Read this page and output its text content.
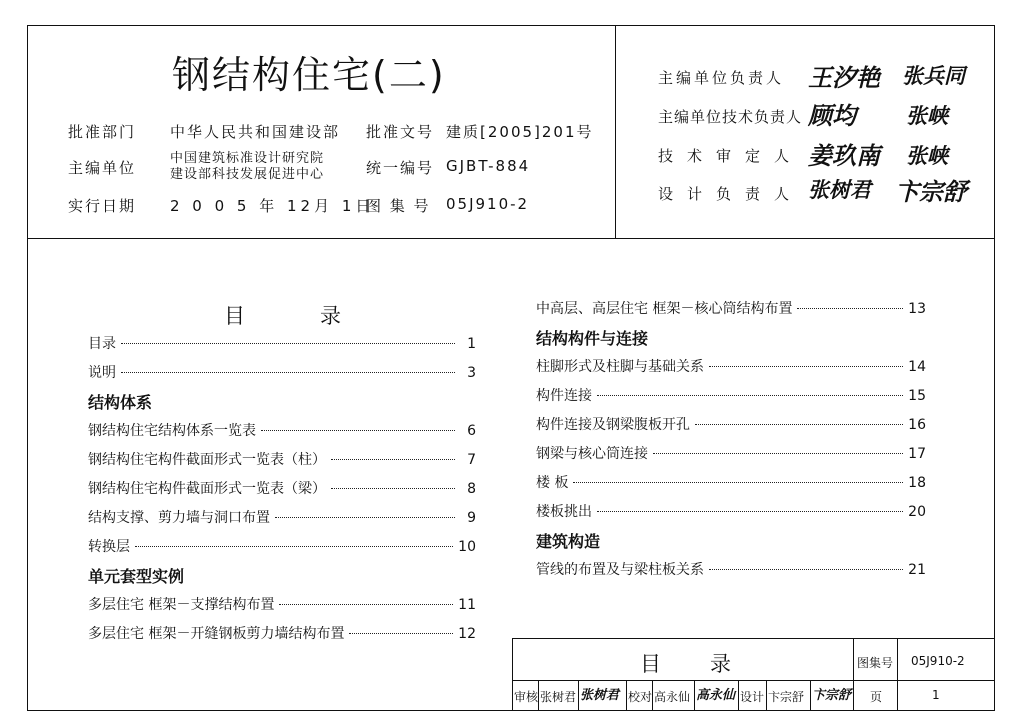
钢结构住宅(二)
批准部门 中华人民共和国建设部 批准文号 建质[2005]201号
主编单位
中国建筑标准设计研究院
建设部科技发展促进中心	统一编号 GJBT-884
实行日期 2 0 0 5 年 12月 1日
图 集 号 05J910-2
主编单位负责人 王汐艳 张兵同
主编单位技术负责人 顾均 张峡
技术审定人 姜玖南 张峡
设计负责人 张树君 卞宗舒
目	录
目录	1
说明	3
结构体系
钢结构住宅结构体系一览表	6
钢结构住宅构件截面形式一览表（柱）	7
钢结构住宅构件截面形式一览表（梁）	8
结构支撑、剪力墙与洞口布置	9
转换层	10
单元套型实例
多层住宅 框架－支撑结构布置	11
多层住宅 框架－开缝钢板剪力墙结构布置	12
中高层、高层住宅 框架－核心筒结构布置	13
结构构件与连接
柱脚形式及柱脚与基础关系	14
构件连接	15
构件连接及钢梁腹板开孔	16
钢梁与核心筒连接	17
楼 板	18
楼板挑出	20
建筑构造
管线的布置及与梁柱板关系	21
目 录	图集号 05J910-2
审核 张树君 张树君 校对 高永仙 高永仙 设计 卞宗舒 卞宗舒 页	1
